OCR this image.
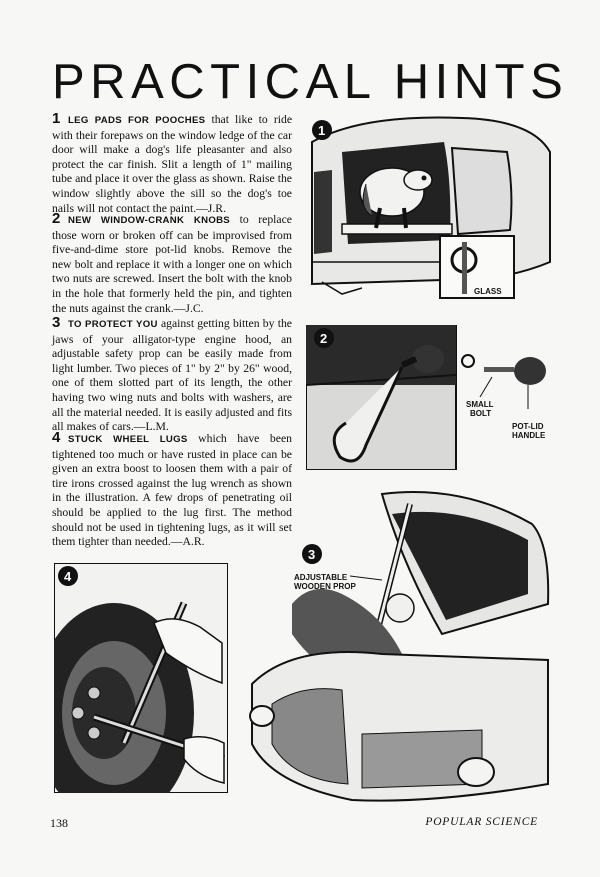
PRACTICAL HINTS

1 LEG PADS FOR POOCHES that like to ride with their forepaws on the window ledge of the car door will make a dog's life pleasanter and also protect the car finish. Slit a length of 1" mailing tube and place it over the glass as shown. Raise the window slightly above the sill so the dog's toe nails will not contact the paint.—J.R.

2 NEW WINDOW-CRANK KNOBS to replace those worn or broken off can be improvised from five-and-dime store pot-lid knobs. Remove the new bolt and replace it with a longer one on which two nuts are screwed. Insert the bolt with the knob in the hole that formerly held the pin, and tighten the nuts against the crank.—J.C.

3 TO PROTECT YOU against getting bitten by the jaws of your alligator-type engine hood, an adjustable safety prop can be easily made from light lumber. Two pieces of 1" by 2" by 26" wood, one of them slotted part of its length, the other having two wing nuts and bolts with washers, are all the material needed. It is easily adjusted and fits all makes of cars.—L.M.

4 STUCK WHEEL LUGS which have been tightened too much or have rusted in place can be given an extra boost to loosen them with a pair of tire irons crossed against the lug wrench as shown in the illustration. A few drops of penetrating oil should be applied to the lug first. The method should not be used in tightening lugs, as it will set them tighter than needed.—A.R.

GLASS
1
2
SMALL
BOLT
POT-LID
HANDLE
3
ADJUSTABLE
WOODEN PROP
4
138	POPULAR SCIENCE
